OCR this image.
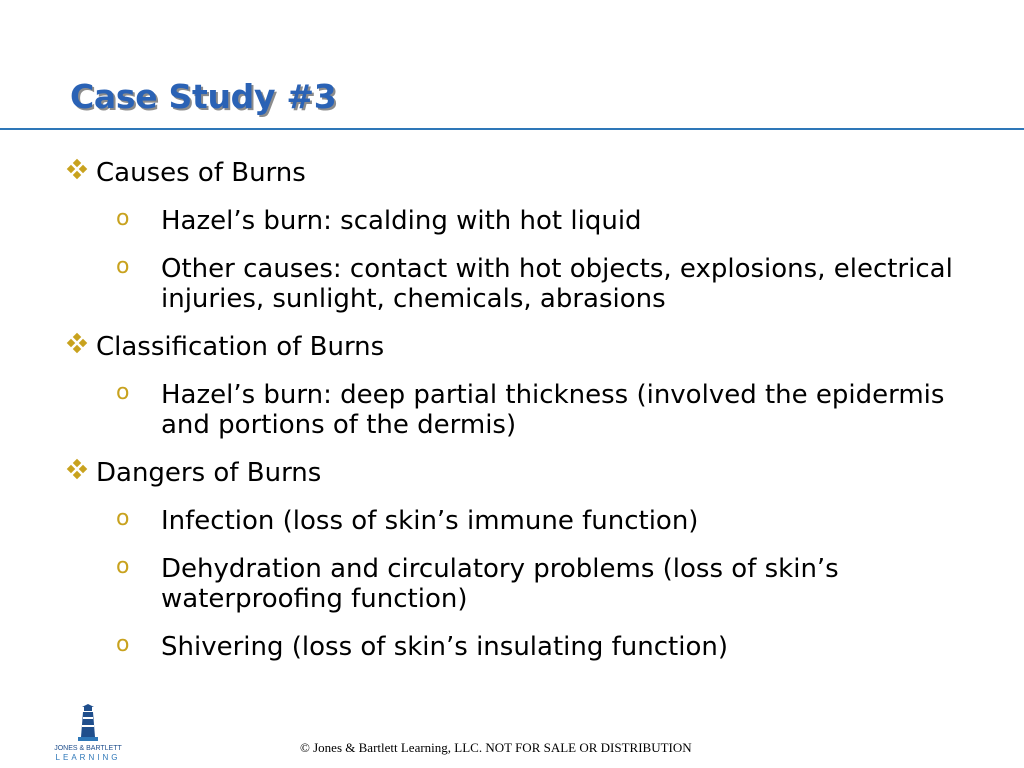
Case Study #3
Causes of Burns
o Hazel’s burn: scalding with hot liquid
o Other causes: contact with hot objects, explosions, electrical injuries, sunlight, chemicals, abrasions
Classification of Burns
o Hazel’s burn: deep partial thickness (involved the epidermis and portions of the dermis)
Dangers of Burns
o Infection (loss of skin’s immune function)
o Dehydration and circulatory problems (loss of skin’s waterproofing function)
o Shivering (loss of skin’s insulating function)
JONES & BARTLETT
LEARNING
© Jones & Bartlett Learning, LLC. NOT FOR SALE OR DISTRIBUTION
